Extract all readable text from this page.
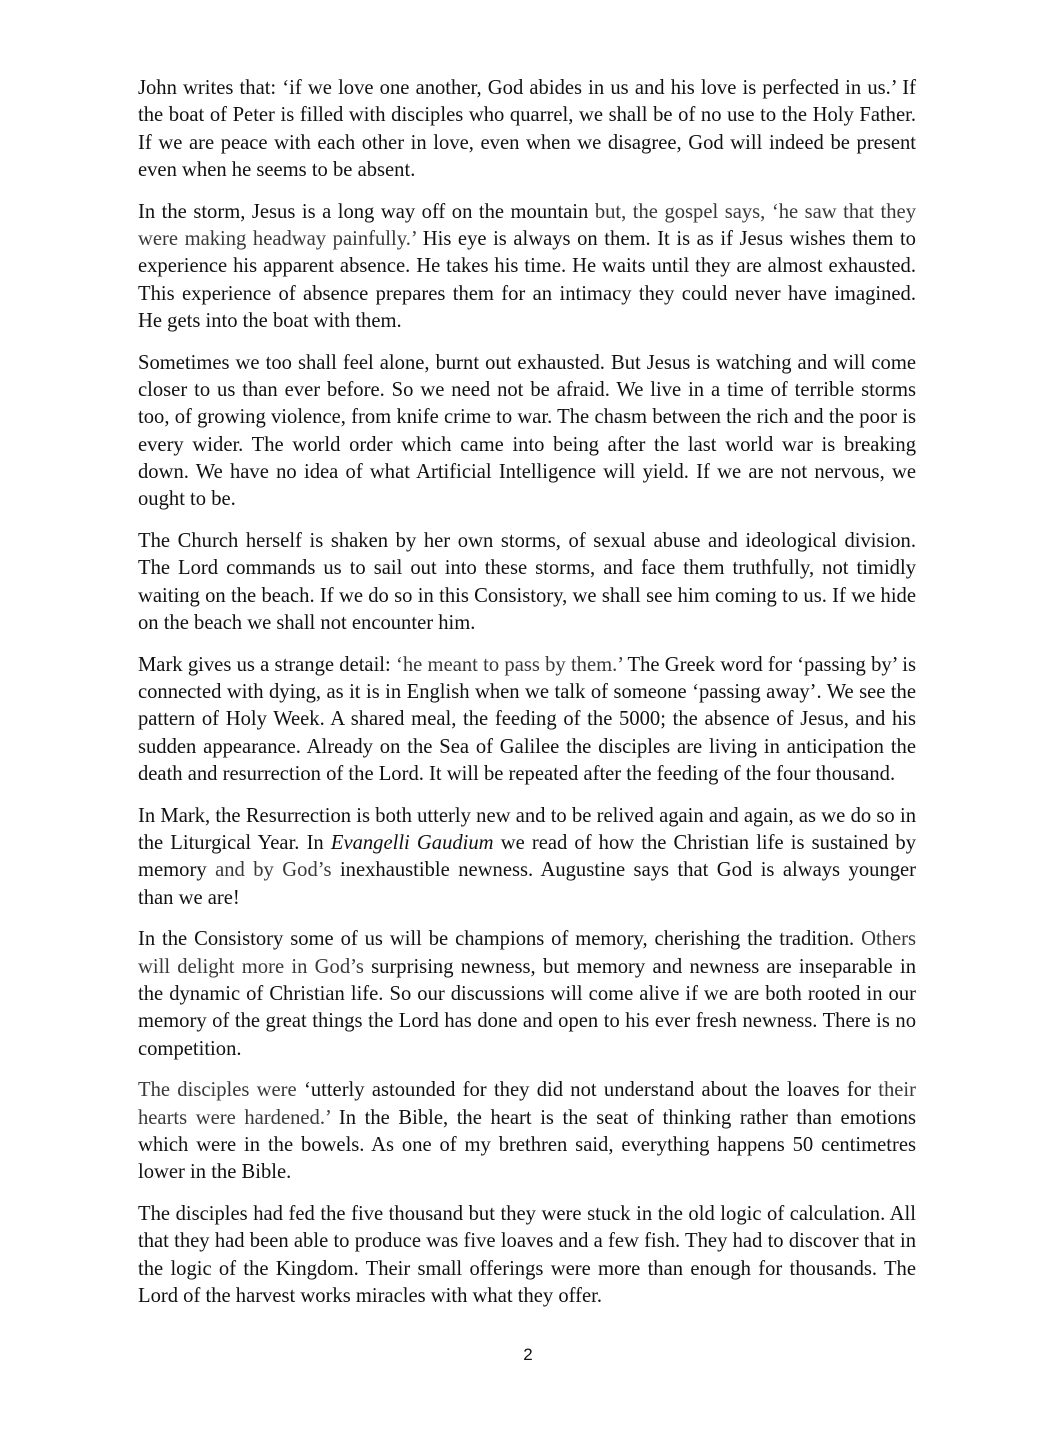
John writes that: ‘if we love one another, God abides in us and his love is perfected in us.’ If the boat of Peter is filled with disciples who quarrel, we shall be of no use to the Holy Father. If we are peace with each other in love, even when we disagree, God will indeed be present even when he seems to be absent.

In the storm, Jesus is a long way off on the mountain but, the gospel says, ‘he saw that they were making headway painfully.’ His eye is always on them. It is as if Jesus wishes them to experience his apparent absence. He takes his time. He waits until they are almost exhausted. This experience of absence prepares them for an intimacy they could never have imagined. He gets into the boat with them.

Sometimes we too shall feel alone, burnt out exhausted. But Jesus is watching and will come closer to us than ever before. So we need not be afraid. We live in a time of terrible storms too, of growing violence, from knife crime to war. The chasm between the rich and the poor is every wider. The world order which came into being after the last world war is breaking down. We have no idea of what Artificial Intelligence will yield. If we are not nervous, we ought to be.

The Church herself is shaken by her own storms, of sexual abuse and ideological division. The Lord commands us to sail out into these storms, and face them truthfully, not timidly waiting on the beach. If we do so in this Consistory, we shall see him coming to us. If we hide on the beach we shall not encounter him.

Mark gives us a strange detail: ‘he meant to pass by them.’ The Greek word for ‘passing by’ is connected with dying, as it is in English when we talk of someone ‘passing away’. We see the pattern of Holy Week. A shared meal, the feeding of the 5000; the absence of Jesus, and his sudden appearance. Already on the Sea of Galilee the disciples are living in anticipation the death and resurrection of the Lord. It will be repeated after the feeding of the four thousand.

In Mark, the Resurrection is both utterly new and to be relived again and again, as we do so in the Liturgical Year. In Evangelli Gaudium we read of how the Christian life is sustained by memory and by God’s inexhaustible newness. Augustine says that God is always younger than we are!

In the Consistory some of us will be champions of memory, cherishing the tradition. Others will delight more in God’s surprising newness, but memory and newness are inseparable in the dynamic of Christian life. So our discussions will come alive if we are both rooted in our memory of the great things the Lord has done and open to his ever fresh newness. There is no competition.

The disciples were ‘utterly astounded for they did not understand about the loaves for their hearts were hardened.’ In the Bible, the heart is the seat of thinking rather than emotions which were in the bowels. As one of my brethren said, everything happens 50 centimetres lower in the Bible.

The disciples had fed the five thousand but they were stuck in the old logic of calculation. All that they had been able to produce was five loaves and a few fish. They had to discover that in the logic of the Kingdom. Their small offerings were more than enough for thousands. The Lord of the harvest works miracles with what they offer.

2
